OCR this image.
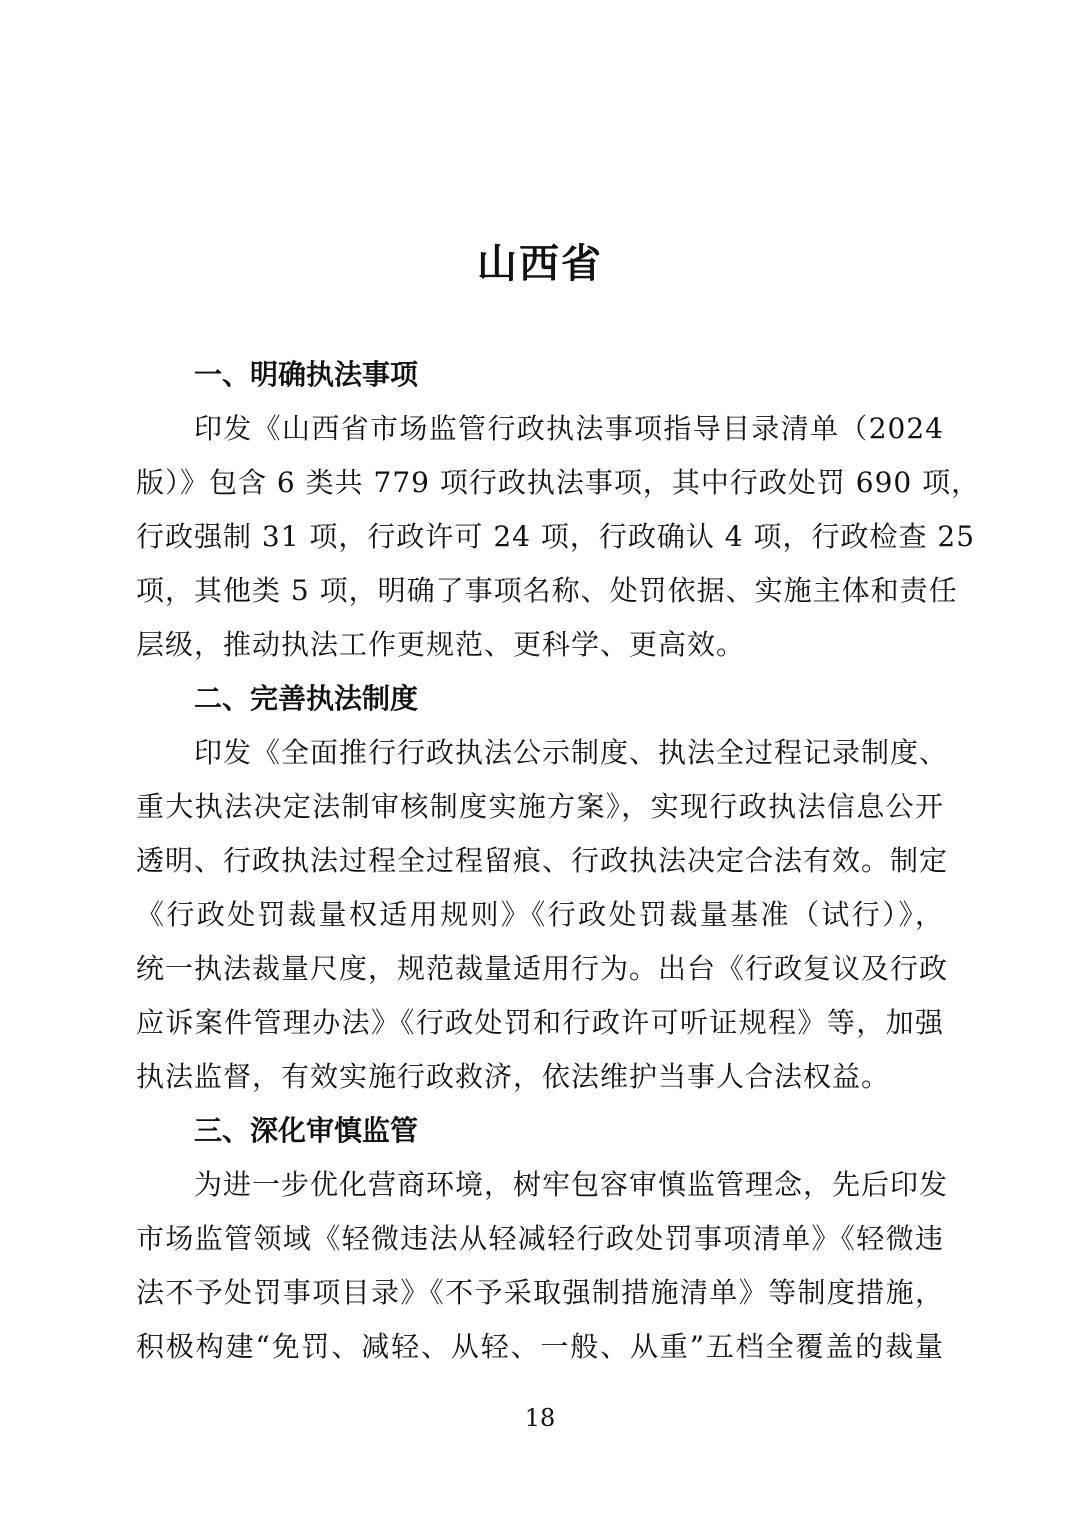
山西省
一、明确执法事项
印发《山西省市场监管行政执法事项指导目录清单（2024
版）》包含 6 类共 779 项行政执法事项，其中行政处罚 690 项，
行政强制 31 项，行政许可 24 项，行政确认 4 项，行政检查 25
项，其他类 5 项，明确了事项名称、处罚依据、实施主体和责任
层级，推动执法工作更规范、更科学、更高效。
二、完善执法制度
印发《全面推行行政执法公示制度、执法全过程记录制度、
重大执法决定法制审核制度实施方案》，实现行政执法信息公开
透明、行政执法过程全过程留痕、行政执法决定合法有效。制定
《行政处罚裁量权适用规则》《行政处罚裁量基准（试行）》，
统一执法裁量尺度，规范裁量适用行为。出台《行政复议及行政
应诉案件管理办法》《行政处罚和行政许可听证规程》等，加强
执法监督，有效实施行政救济，依法维护当事人合法权益。
三、深化审慎监管
为进一步优化营商环境，树牢包容审慎监管理念，先后印发
市场监管领域《轻微违法从轻减轻行政处罚事项清单》《轻微违
法不予处罚事项目录》《不予采取强制措施清单》等制度措施，
积极构建“免罚、减轻、从轻、一般、从重”五档全覆盖的裁量
18
